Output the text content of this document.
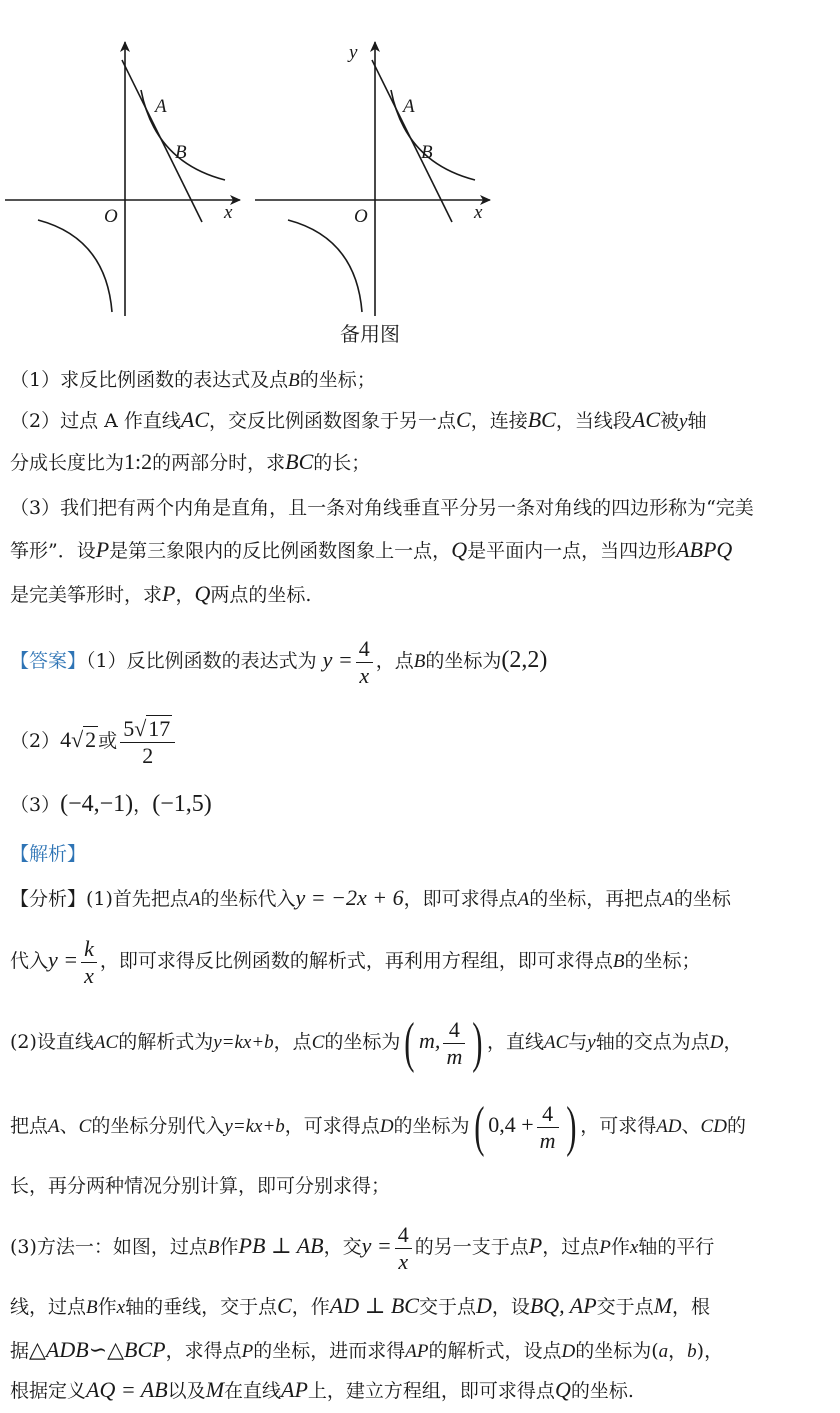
A
B
O	x
y
A
B
O	x
备用图
（1）求反比例函数的表达式及点B的坐标；
（2）过点 A 作直线AC，交反比例函数图象于另一点C，连接BC，当线段AC被y轴
分成长度比为1:2的两部分时，求BC的长；
（3）我们把有两个内角是直角，且一条对角线垂直平分另一条对角线的四边形称为“完美
筝形”．设P是第三象限内的反比例函数图象上一点，Q是平面内一点，当四边形ABPQ
是完美筝形时，求P，Q两点的坐标.
【答案】（1）反比例函数的表达式为 $y = \frac{4}{x}$ ，点B的坐标为(2,2)
（2）4√2 或 $\frac{5√17}{2}$
（3）(−4,−1)，(−1,5)
【解析】
【分析】(1)首先把点A的坐标代入y = −2x + 6，即可求得点A的坐标，再把点A的坐标
代入$y = \frac{k}{x}$ ，即可求得反比例函数的解析式，再利用方程组，即可求得点B的坐标；
(2)设直线AC的解析式为y=kx+b，点C的坐标为( m, $\frac{4}{m}$ ) ，直线AC与y轴的交点为点D，
把点A、C的坐标分别代入y=kx+b，可求得点D的坐标为( $0,4 + \frac{4}{m}$ ) ，可求得AD、CD的
长，再分两种情况分别计算，即可分别求得；
(3)方法一：如图，过点B作PB ⊥ AB，交$y = \frac{4}{x}$ 的另一支于点P，过点P作x轴的平行
线，过点B作x轴的垂线，交于点C，作AD ⊥ BC交于点D，设BQ, AP交于点M，根
据△ADB∽△BCP，求得点P的坐标，进而求得AP的解析式，设点D的坐标为(a，b)，
根据定义AQ = AB以及M在直线AP上，建立方程组，即可求得点Q的坐标.
